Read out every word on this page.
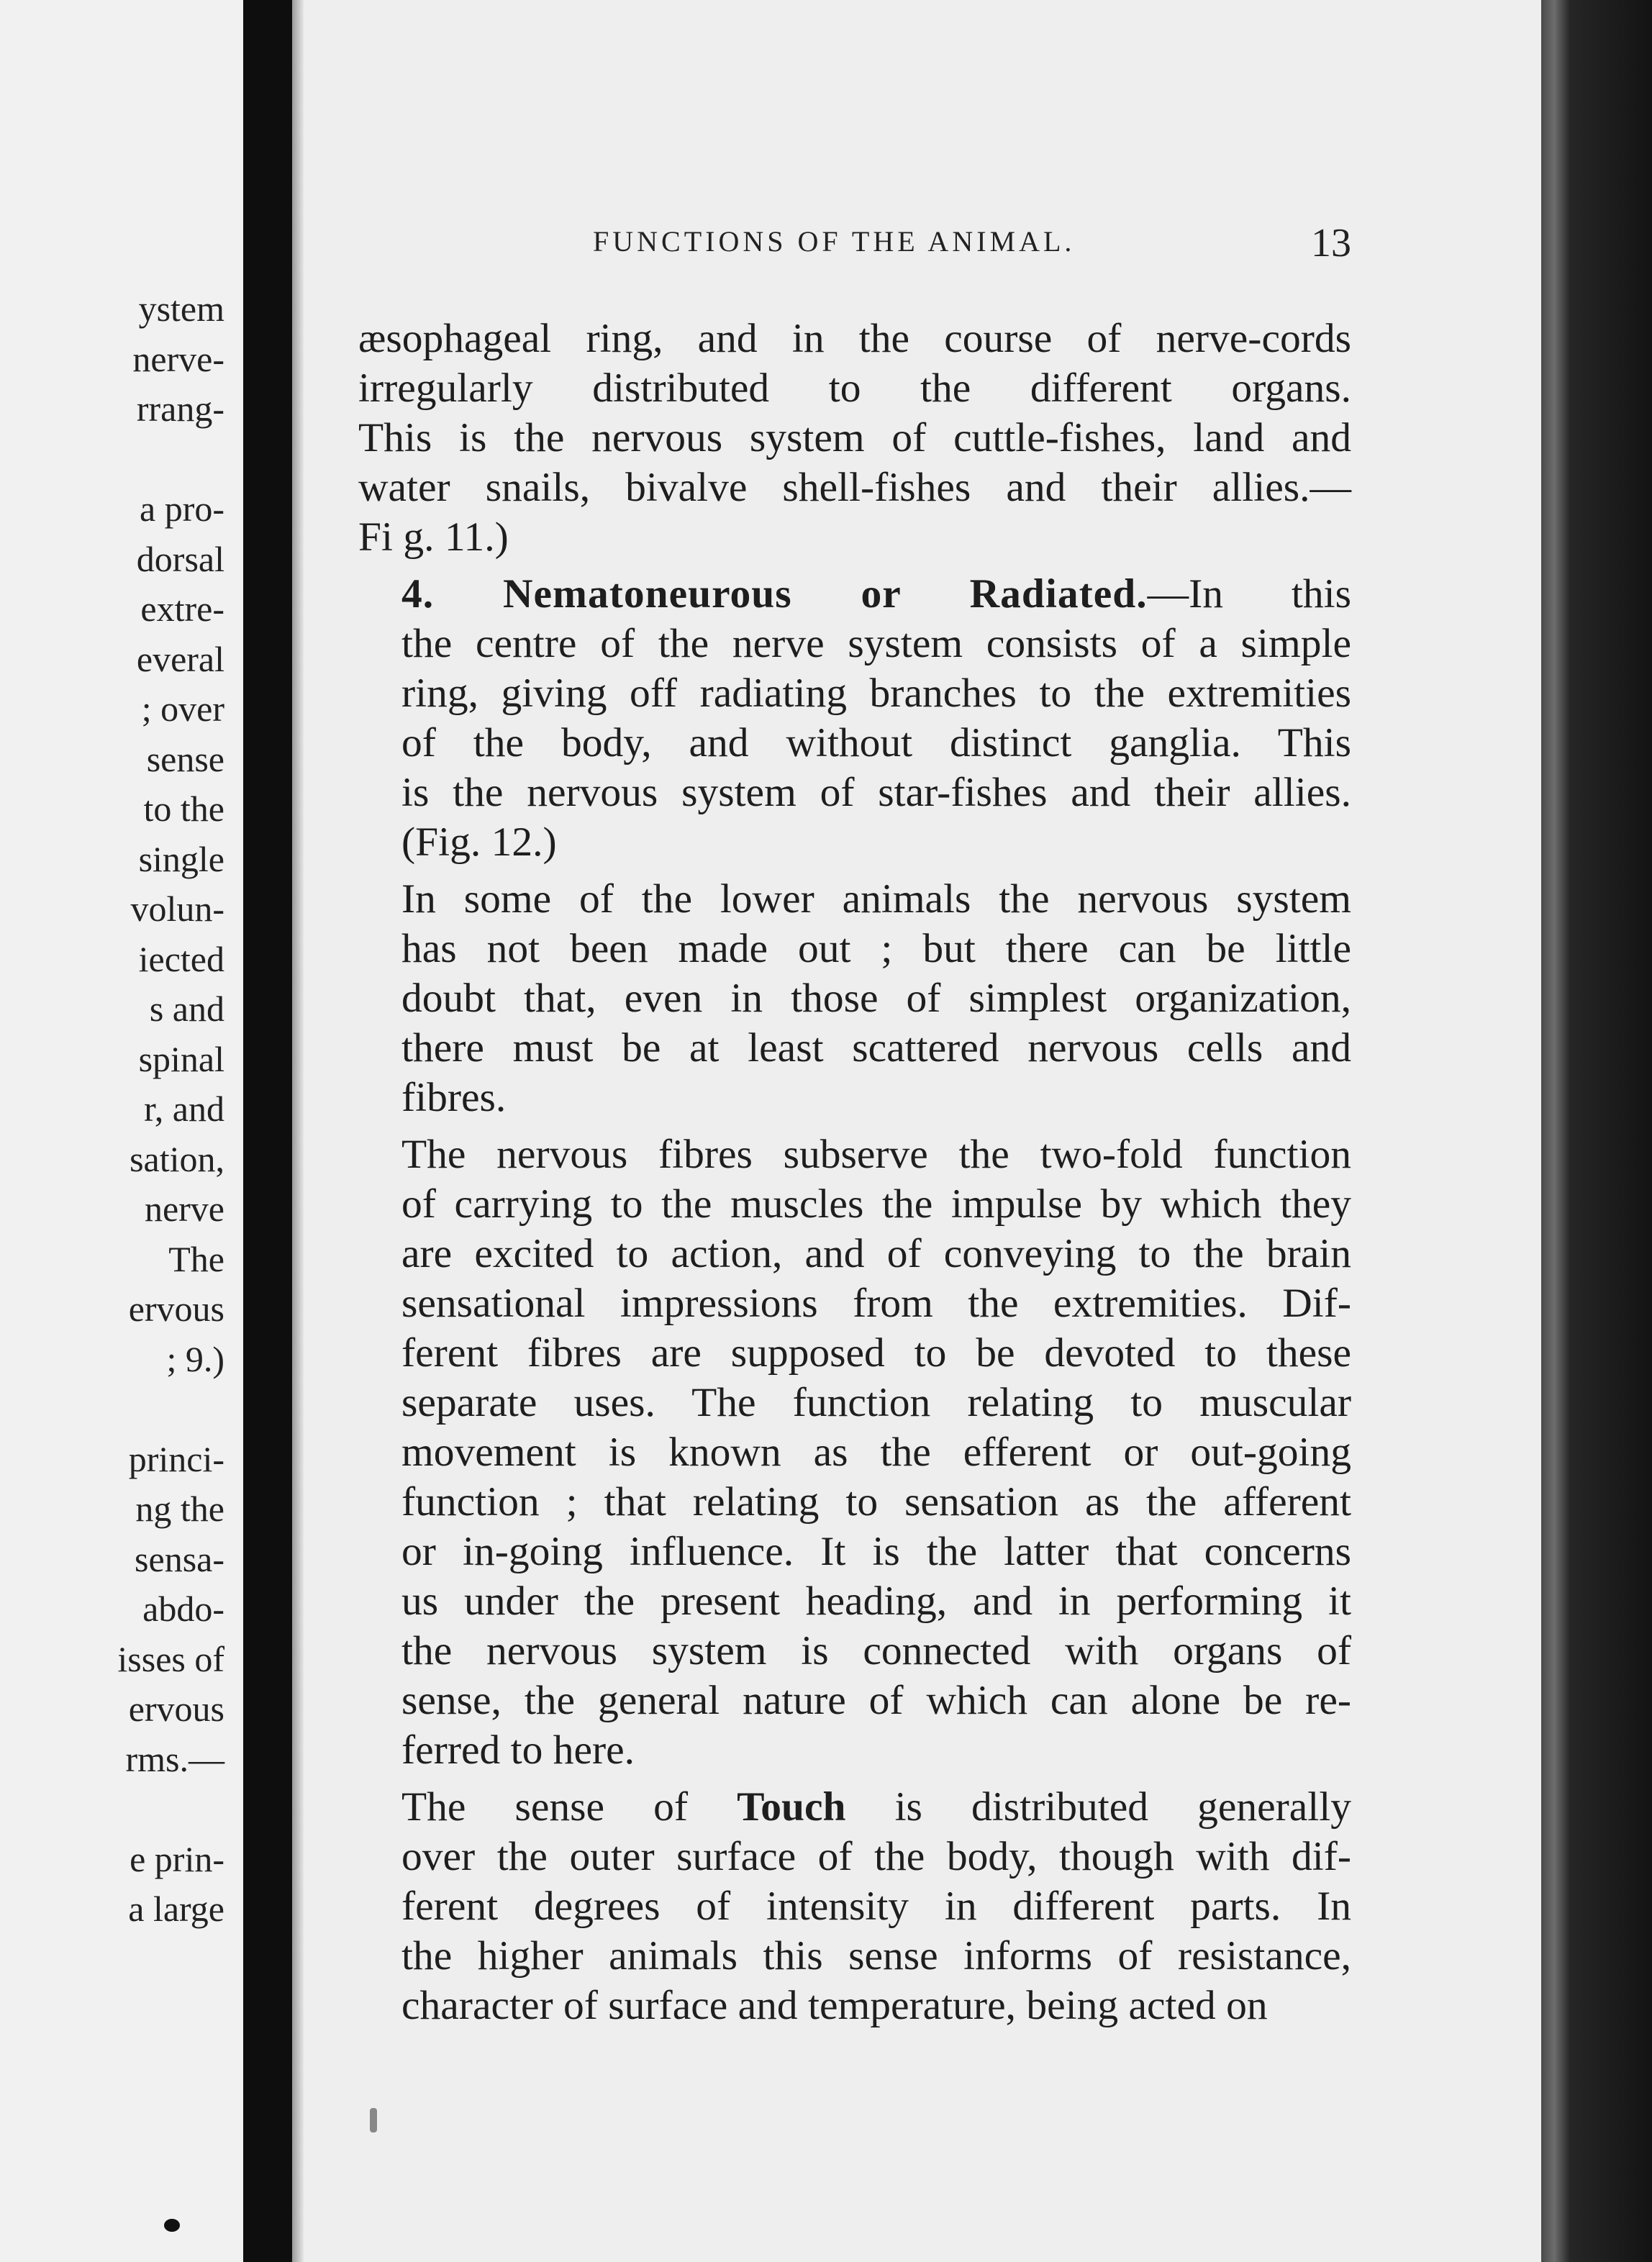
ystem
nerve-
rrang-
a pro-
dorsal
extre-
everal
; over
sense
to the
single
volun-
iected
s and
spinal
r, and
sation,
nerve
The
ervous
; 9.)
princi-
ng the
sensa-
abdo-
isses of
ervous
rms.—
e prin-
a large
FUNCTIONS OF THE ANIMAL.	13
æsophageal ring, and in the course of nerve-cords
irregularly distributed to the different organs.
This is the nervous system of cuttle-fishes, land and
water snails, bivalve shell-fishes and their allies.—
Fi g. 11.)
4. Nematoneurous or Radiated.—In this
the centre of the nerve system consists of a simple
ring, giving off radiating branches to the extremities
of the body, and without distinct ganglia. This
is the nervous system of star-fishes and their allies.
(Fig. 12.)
In some of the lower animals the nervous system
has not been made out ; but there can be little
doubt that, even in those of simplest organization,
there must be at least scattered nervous cells and
fibres.
The nervous fibres subserve the two-fold function
of carrying to the muscles the impulse by which they
are excited to action, and of conveying to the brain
sensational impressions from the extremities. Dif-
ferent fibres are supposed to be devoted to these
separate uses. The function relating to muscular
movement is known as the efferent or out-going
function ; that relating to sensation as the afferent
or in-going influence. It is the latter that concerns
us under the present heading, and in performing it
the nervous system is connected with organs of
sense, the general nature of which can alone be re-
ferred to here.
The sense of Touch is distributed generally
over the outer surface of the body, though with dif-
ferent degrees of intensity in different parts. In
the higher animals this sense informs of resistance,
character of surface and temperature, being acted on
